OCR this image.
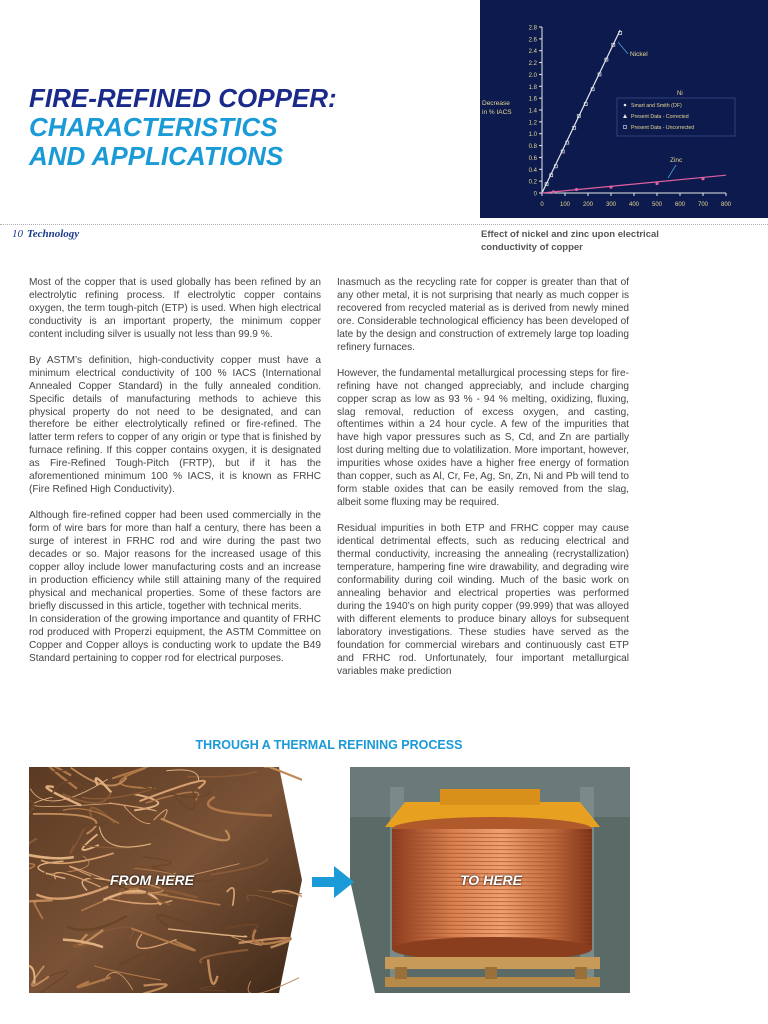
FIRE-REFINED COPPER:
CHARACTERISTICS
AND APPLICATIONS
0
0.2
0.4
0.6
0.8
1.0
1.2
1.4
1.6
1.8
2.0
2.2
2.4
2.6
2.8
0	100 200 300 400 500 600 700 800
Decrease
in % IACS
Nickel
Zinc
Ni
Smart and Smith (OF)
Present Data - Corrected
Present Data - Uncorrected
10 Technology	Effect of nickel and zinc upon electrical conductivity of copper

Most of the copper that is used globally has been refined by an electrolytic refining process. If electrolytic copper contains oxygen, the term tough-pitch (ETP) is used. When high electrical conductivity is an important property, the minimum copper content including silver is usually not less than 99.9 %.

By ASTM’s definition, high-conductivity copper must have a minimum electrical conductivity of 100 % IACS (International Annealed Copper Standard) in the fully annealed condition. Specific details of manufacturing methods to achieve this physical property do not need to be designated, and can therefore be either electrolytically refined or fire-refined. The latter term refers to copper of any origin or type that is finished by furnace refining. If this copper contains oxygen, it is designated as Fire-Refined Tough-Pitch (FRTP), but if it has the aforementioned minimum 100 % IACS, it is known as FRHC (Fire Refined High Conductivity).

Although fire-refined copper had been used commercially in the form of wire bars for more than half a century, there has been a surge of interest in FRHC rod and wire during the past two decades or so. Major reasons for the increased usage of this copper alloy include lower manufacturing costs and an increase in production efficiency while still attaining many of the required physical and mechanical properties. Some of these factors are briefly discussed in this article, together with technical merits.

In consideration of the growing importance and quantity of FRHC rod produced with Properzi equipment, the ASTM Committee on Copper and Copper alloys is conducting work to update the B49 Standard pertaining to copper rod for electrical purposes.

Inasmuch as the recycling rate for copper is greater than that of any other metal, it is not surprising that nearly as much copper is recovered from recycled material as is derived from newly mined ore. Considerable technological efficiency has been developed of late by the design and construction of extremely large top loading refinery furnaces.

However, the fundamental metallurgical processing steps for fire-refining have not changed appreciably, and include charging copper scrap as low as 93 % - 94 % melting, oxidizing, fluxing, slag removal, reduction of excess oxygen, and casting, oftentimes within a 24 hour cycle. A few of the impurities that have high vapor pressures such as S, Cd, and Zn are partially lost during melting due to volatilization. More important, however, impurities whose oxides have a higher free energy of formation than copper, such as Al, Cr, Fe, Ag, Sn, Zn, Ni and Pb will tend to form stable oxides that can be easily removed from the slag, albeit some fluxing may be required.

Residual impurities in both ETP and FRHC copper may cause identical detrimental effects, such as reducing electrical and thermal conductivity, increasing the annealing (recrystallization) temperature, hampering fine wire drawability, and degrading wire conformability during coil winding. Much of the basic work on annealing behavior and electrical properties was performed during the 1940’s on high purity copper (99.999) that was alloyed with different elements to produce binary alloys for subsequent laboratory investigations. These studies have served as the foundation for commercial wirebars and continuously cast ETP and FRHC rod. Unfortunately, four important metallurgical variables make prediction

THROUGH A THERMAL REFINING PROCESS
FROM HERE	TO HERE
